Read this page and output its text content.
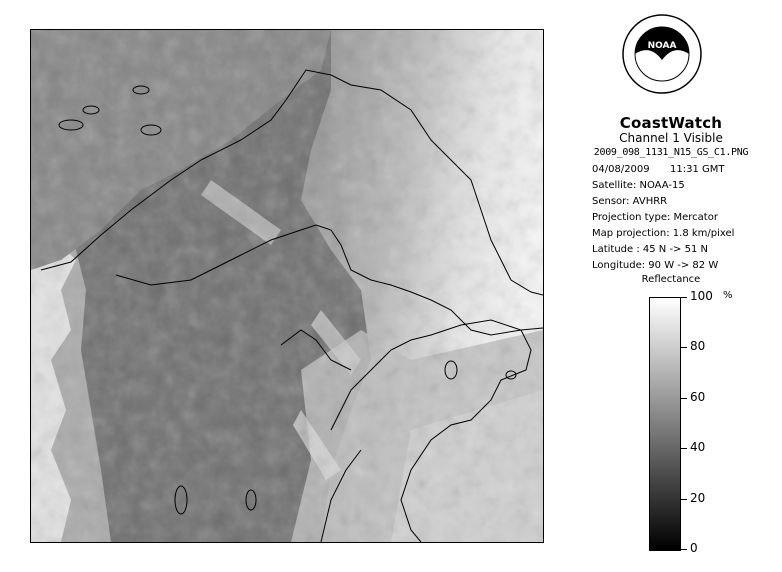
NOAA
CoastWatch
Channel 1 Visible
2009_098_1131_N15_GS_C1.PNG
04/08/2009 11:31 GMT
Satellite: NOAA-15
Sensor: AVHRR
Projection type: Mercator
Map projection: 1.8 km/pixel
Latitude : 45 N -> 51 N
Longitude: 90 W -> 82 W
Reflectance
%
100
80
60
40
20
0
